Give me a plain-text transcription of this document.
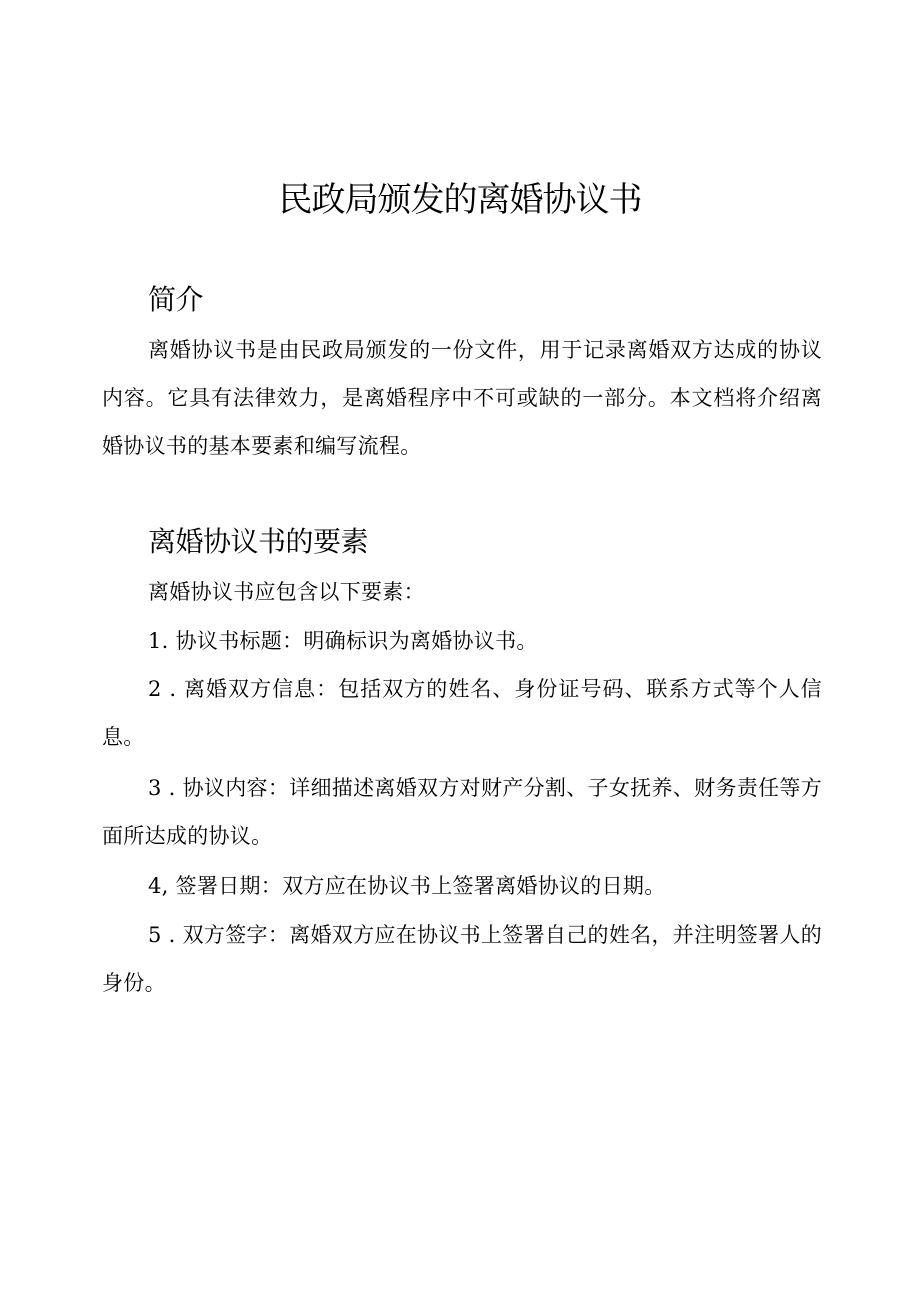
民政局颁发的离婚协议书
简介

离婚协议书是由民政局颁发的一份文件，用于记录离婚双方达成的协议内容。它具有法律效力，是离婚程序中不可或缺的一部分。本文档将介绍离婚协议书的基本要素和编写流程。

离婚协议书的要素

离婚协议书应包含以下要素：

1. 协议书标题：明确标识为离婚协议书。

2 . 离婚双方信息：包括双方的姓名、身份证号码、联系方式等个人信息。

3 . 协议内容：详细描述离婚双方对财产分割、子女抚养、财务责任等方面所达成的协议。

4, 签署日期：双方应在协议书上签署离婚协议的日期。

5 . 双方签字：离婚双方应在协议书上签署自己的姓名，并注明签署人的身份。
